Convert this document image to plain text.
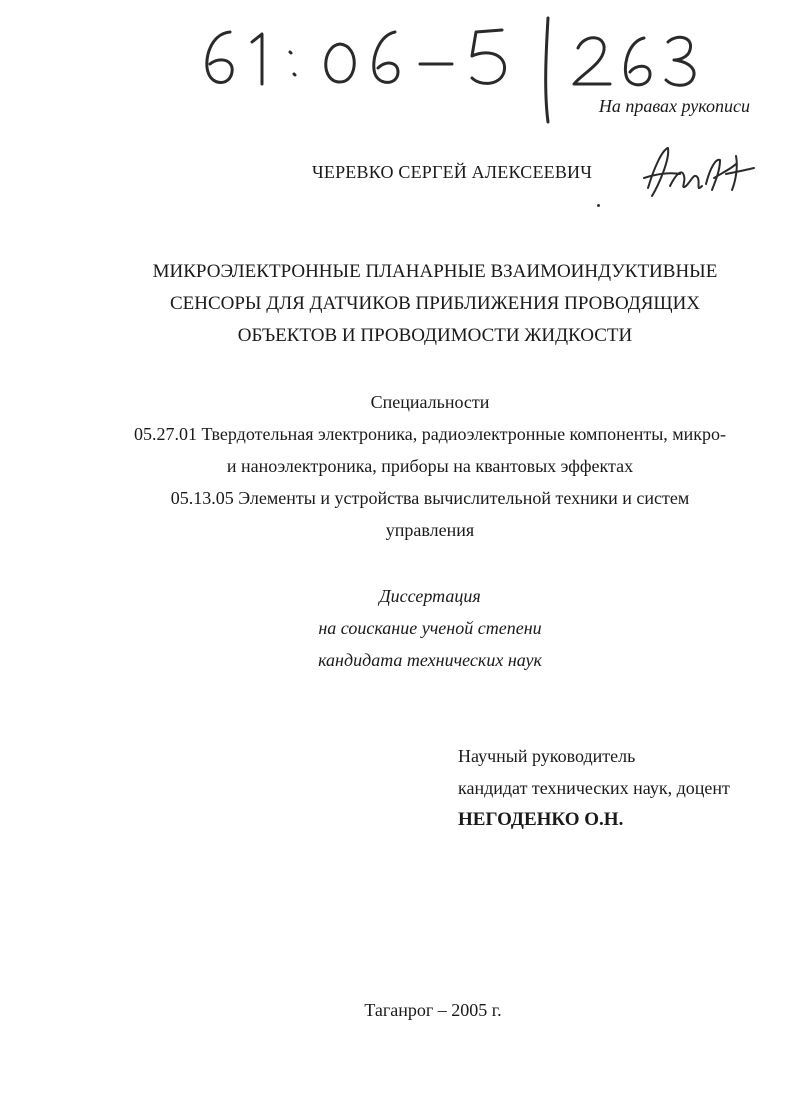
На правах рукописи
ЧЕРЕВКО СЕРГЕЙ АЛЕКСЕЕВИЧ
МИКРОЭЛЕКТРОННЫЕ ПЛАНАРНЫЕ ВЗАИМОИНДУКТИВНЫЕ
СЕНСОРЫ ДЛЯ ДАТЧИКОВ ПРИБЛИЖЕНИЯ ПРОВОДЯЩИХ
ОБЪЕКТОВ И ПРОВОДИМОСТИ ЖИДКОСТИ
Специальности
05.27.01 Твердотельная электроника, радиоэлектронные компоненты, микро-
и наноэлектроника, приборы на квантовых эффектах
05.13.05 Элементы и устройства вычислительной техники и систем
управления
Диссертация
на соискание ученой степени
кандидата технических наук
Научный руководитель
кандидат технических наук, доцент
НЕГОДЕНКО О.Н.
Таганрог – 2005 г.
